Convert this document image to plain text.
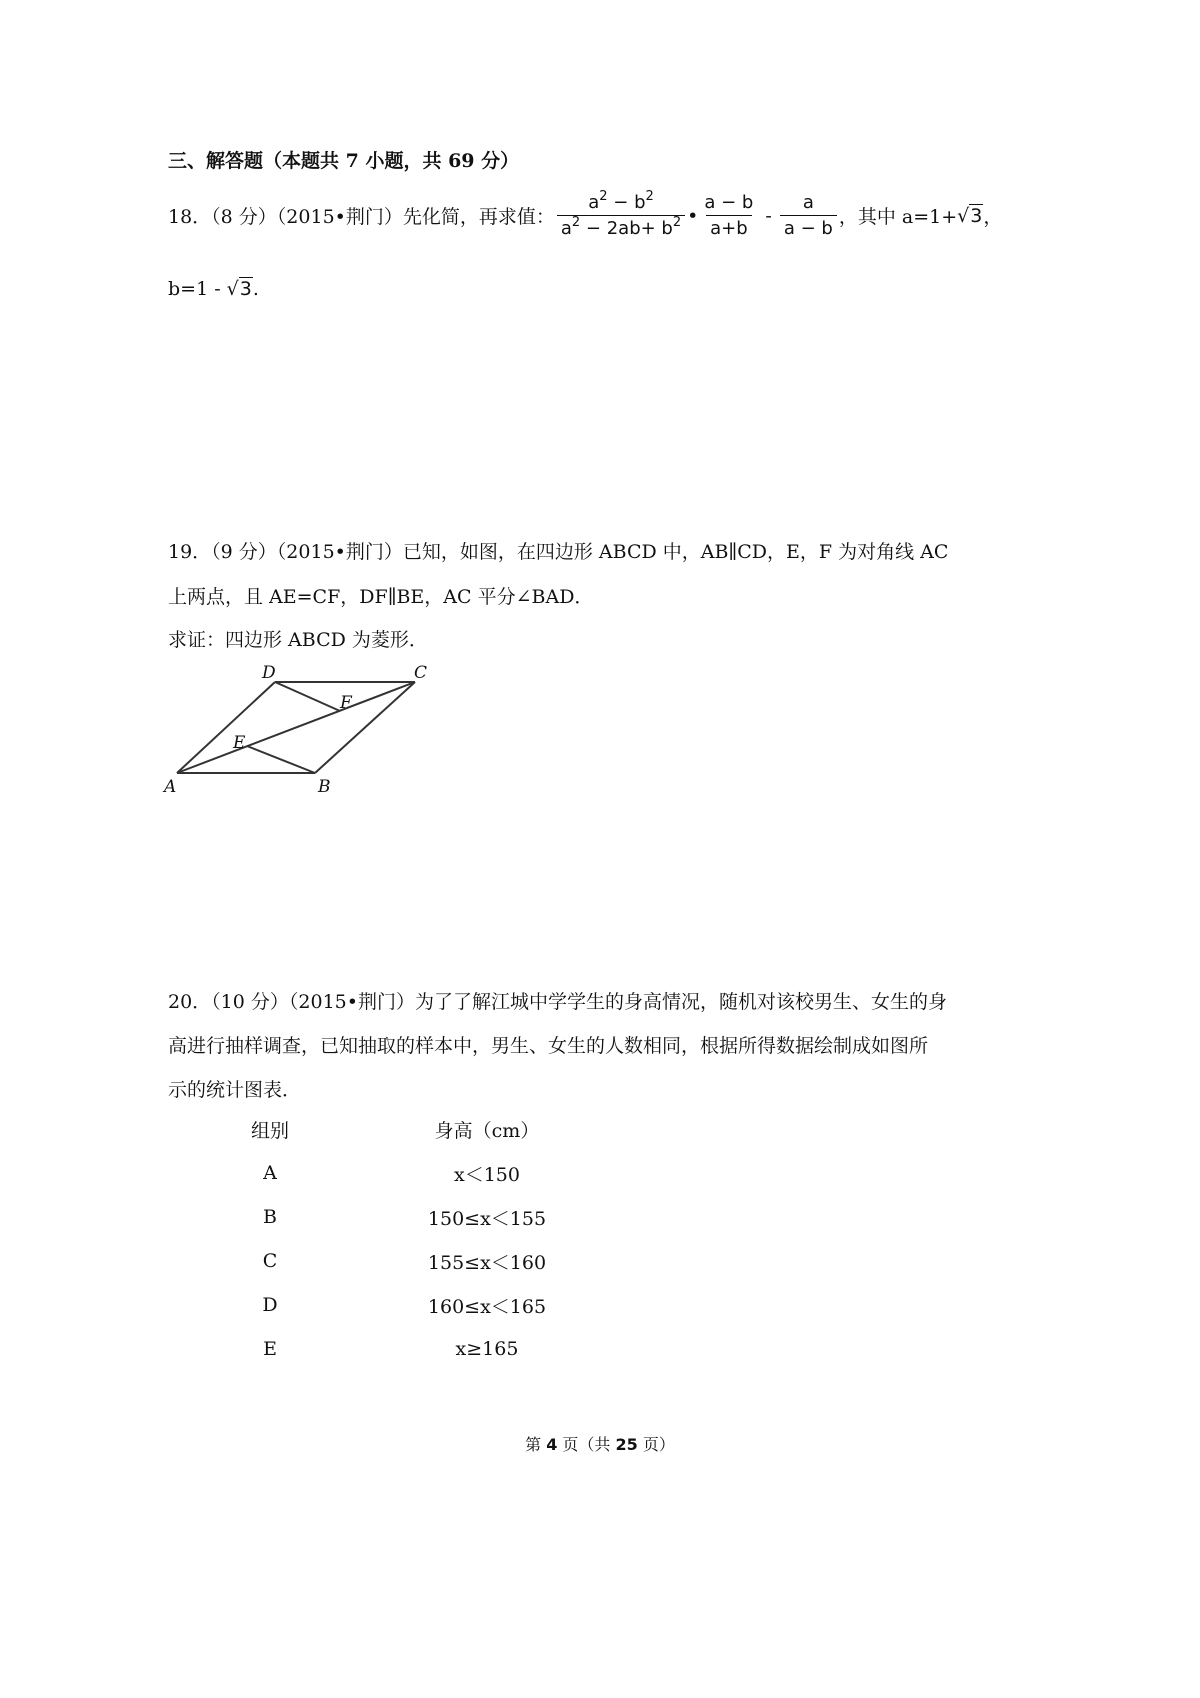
三、解答题（本题共 7 小题，共 69 分）
18．（8 分）（2015•荆门）先化简，再求值： $\frac{a^2 - b^2}{a^2 - 2ab+ b^2}$ • $\frac{a - b}{a+b} - \frac{a}{a - b}$ ，其中 a=1+ √3 ，
b=1 - √3.
19．（9 分）（2015•荆门）已知，如图，在四边形 ABCD 中，AB∥CD，E，F 为对角线 AC
上两点，且 AE=CF，DF∥BE，AC 平分∠BAD．
求证：四边形 ABCD 为菱形．
A	B
C
D
E
F
20．（10 分）（2015•荆门）为了了解江城中学学生的身高情况，随机对该校男生、女生的身
高进行抽样调查，已知抽取的样本中，男生、女生的人数相同，根据所得数据绘制成如图所
示的统计图表．
组别		身高（cm）
A		x＜150
B		150≤x＜155
C		155≤x＜160
D		160≤x＜165
E		x≥165
第 4 页（共 25 页）
